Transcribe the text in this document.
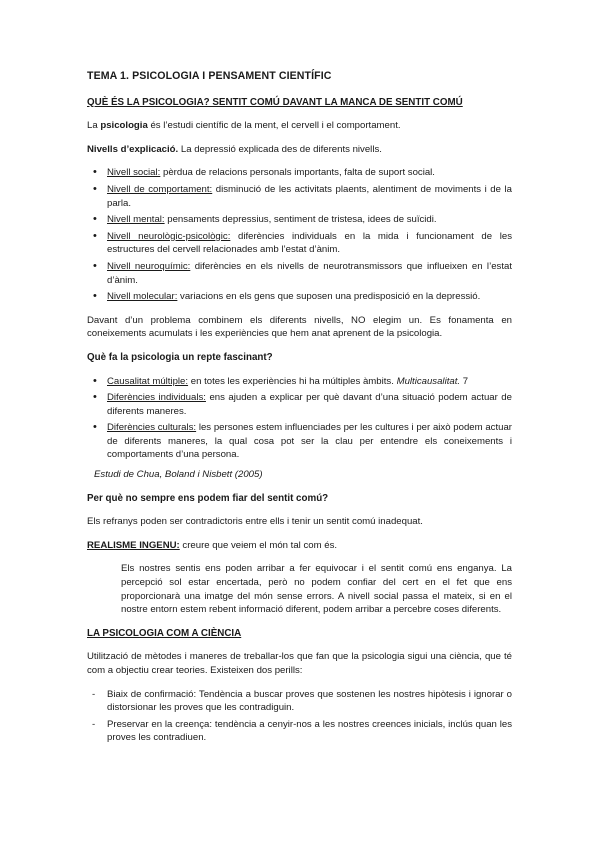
TEMA 1. PSICOLOGIA I PENSAMENT CIENTÍFIC
QUÈ ÉS LA PSICOLOGIA? SENTIT COMÚ DAVANT LA MANCA DE SENTIT COMÚ

La psicologia és l’estudi científic de la ment, el cervell i el comportament.

Nivells d’explicació. La depressió explicada des de diferents nivells.

• Nivell social: pèrdua de relacions personals importants, falta de suport social.
• Nivell de comportament: disminució de les activitats plaents, alentiment de moviments i de la parla.
• Nivell mental: pensaments depressius, sentiment de tristesa, idees de suïcidi.
• Nivell neurològic-psicològic: diferències individuals en la mida i funcionament de les estructures del cervell relacionades amb l’estat d’ànim.
• Nivell neuroquímic: diferències en els nivells de neurotransmissors que influeixen en l’estat d’ànim.
• Nivell molecular: variacions en els gens que suposen una predisposició en la depressió.

Davant d’un problema combinem els diferents nivells, NO elegim un. Es fonamenta en coneixements acumulats i les experiències que hem anat aprenent de la psicologia.

Què fa la psicologia un repte fascinant?
• Causalitat múltiple: en totes les experiències hi ha múltiples àmbits. Multicausalitat. 7
• Diferències individuals: ens ajuden a explicar per què davant d’una situació podem actuar de diferents maneres.
• Diferències culturals: les persones estem influenciades per les cultures i per això podem actuar de diferents maneres, la qual cosa pot ser la clau per entendre els coneixements i comportaments d’una persona.

Estudi de Chua, Boland i Nisbett (2005)

Per què no sempre ens podem fiar del sentit comú?

Els refranys poden ser contradictoris entre ells i tenir un sentit comú inadequat.

REALISME INGENU: creure que veiem el món tal com és.

Els nostres sentis ens poden arribar a fer equivocar i el sentit comú ens enganya. La percepció sol estar encertada, però no podem confiar del cert en el fet que ens proporcionarà una imatge del món sense errors. A nivell social passa el mateix, si en el nostre entorn estem rebent informació diferent, podem arribar a percebre coses diferents.

LA PSICOLOGIA COM A CIÈNCIA

Utilització de mètodes i maneres de treballar-los que fan que la psicologia sigui una ciència, que té com a objectiu crear teories. Existeixen dos perills:

- Biaix de confirmació: Tendència a buscar proves que sostenen les nostres hipòtesis i ignorar o distorsionar les proves que les contradiguin.
- Preservar en la creença: tendència a cenyir-nos a les nostres creences inicials, inclús quan les proves les contradiuen.
